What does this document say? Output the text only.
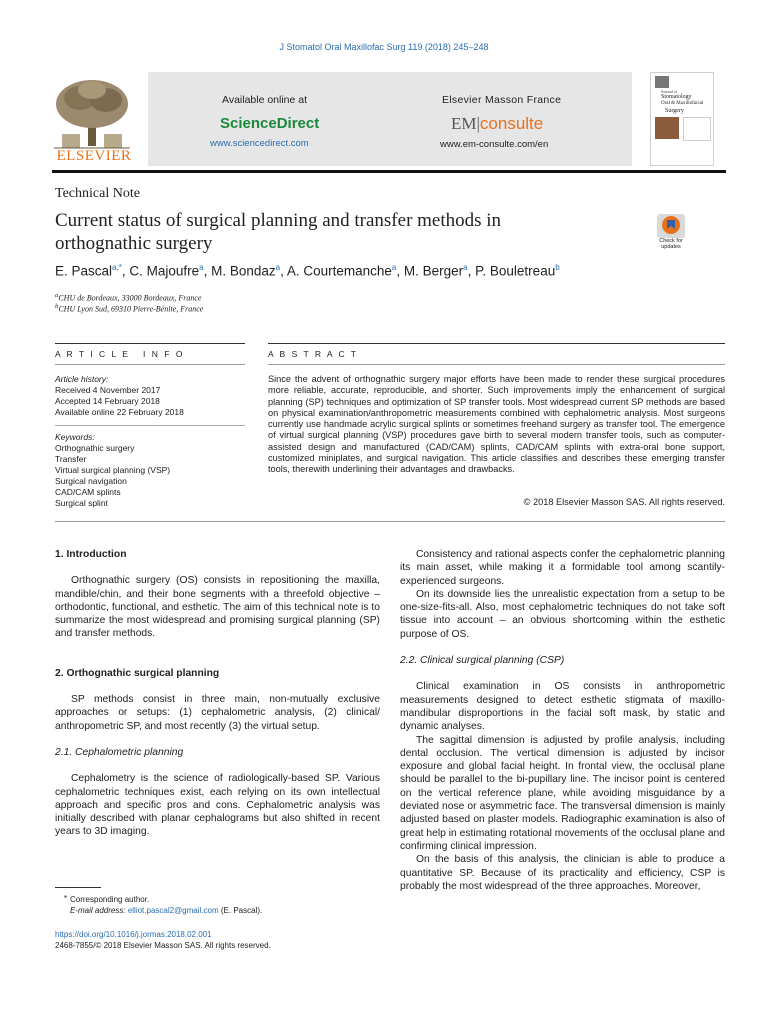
J Stomatol Oral Maxillofac Surg 119 (2018) 245–248
ELSEVIER
Available online at
ScienceDirect
www.sciencedirect.com
Elsevier Masson France
EM|consulte
www.em-consulte.com/en
Journal of
Stomatology
Oral & Maxillofacial
Surgery
Technical Note
Current status of surgical planning and transfer methods in
orthognathic surgery	Check for
updates
E. Pascal$^{a,*}$, C. Majoufre$^a$, M. Bondaz$^a$, A. Courtemanche$^a$, M. Berger$^a$, P. Bouletreau$^b$
$^a$CHU de Bordeaux, 33000 Bordeaux, France
$^b$CHU Lyon Sud, 69310 Pierre-Bénite, France
A R T I C L E   I N F O	A B S T R A C T
Article history:
Received 4 November 2017
Accepted 14 February 2018
Available online 22 February 2018
Keywords:
Orthognathic surgery
Transfer
Virtual surgical planning (VSP)
Surgical navigation
CAD/CAM splints
Surgical splint
Since the advent of orthognathic surgery major efforts have been made to render these surgical procedures more reliable, accurate, reproducible, and shorter. Such improvements imply the enhancement of surgical planning (SP) techniques and optimization of SP transfer tools. Most widespread current SP methods are based on physical examination/anthropometric measurements combined with cephalometric analysis. Most surgeons currently use handmade acrylic surgical splints or sometimes freehand surgery as transfer tool. The emergence of virtual surgical planning (VSP) procedures gave birth to several modern transfer tools, such as computer-assisted design and manufactured (CAD/CAM) splints, CAD/CAM splints with extra-oral bone support, customized miniplates, and surgical navigation. This article classifies and describes these emerging transfer tools, therewith underlining their advantages and drawbacks.
© 2018 Elsevier Masson SAS. All rights reserved.
1. Introduction

Orthognathic surgery (OS) consists in repositioning the maxilla, mandible/chin, and their bone segments with a threefold objective – orthodontic, functional, and esthetic. The aim of this technical note is to summarize the most widespread and promising surgical planning (SP) and transfer methods.

2. Orthognathic surgical planning

SP methods consist in three main, non-mutually exclusive approaches or setups: (1) cephalometric analysis, (2) clinical/ anthropometric SP, and most recently (3) the virtual setup.

2.1. Cephalometric planning

Cephalometry is the science of radiologically-based SP. Various cephalometric techniques exist, each relying on its own intellectual approach and specific pros and cons. Cephalometric analysis was initially described with planar cephalograms but also shifted in recent years to 3D imaging.

* Corresponding author.
E-mail address: elliot.pascal2@gmail.com (E. Pascal).
https://doi.org/10.1016/j.jormas.2018.02.001
2468-7855/© 2018 Elsevier Masson SAS. All rights reserved.

Consistency and rational aspects confer the cephalometric planning its main asset, while making it a formidable tool among scantily-experienced surgeons.

On its downside lies the unrealistic expectation from a setup to be one-size-fits-all. Also, most cephalometric techniques do not take soft tissue into account – an obvious shortcoming within the esthetic purpose of OS.

2.2. Clinical surgical planning (CSP)

Clinical examination in OS consists in anthropometric measurements designed to detect esthetic stigmata of maxillo-mandibular disproportions in the facial soft mask, by static and dynamic analyses.

The sagittal dimension is adjusted by profile analysis, including dental occlusion. The vertical dimension is adjusted by incisor exposure and global facial height. In frontal view, the occlusal plane should be parallel to the bi-pupillary line. The incisor point is centered on the vertical reference plane, while avoiding misguidance by a deviated nose or asymmetric face. The transversal dimension is mainly adjusted based on plaster models. Radiographic examination is also of great help in estimating rotational movements of the occlusal plane and confirming clinical impression.

On the basis of this analysis, the clinician is able to produce a quantitative SP. Because of its practicality and efficiency, CSP is probably the most widespread of the three approaches. Moreover,
